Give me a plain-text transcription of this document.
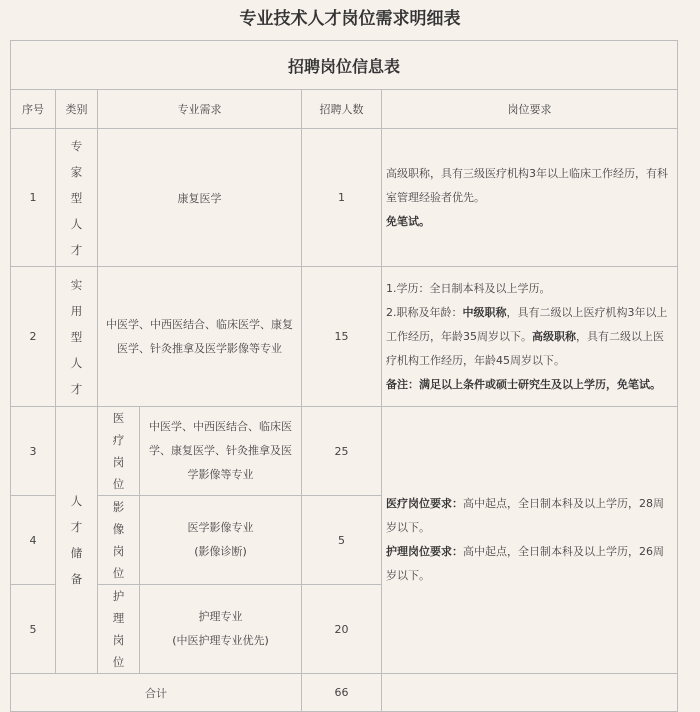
专业技术人才岗位需求明细表
招聘岗位信息表					
序号	类别	专业需求		招聘人数	岗位要求
1	专家型人才	康复医学		1	高级职称，具有三级医疗机构3年以上临床工作经历，有科室管理经验者优先。

免笔试。

2	实用型人才	中医学、中西医结合、临床医学、康复医学、针灸推拿及医学影像等专业		15	1.学历：全日制本科及以上学历。

2.职称及年龄：中级职称，具有二级以上医疗机构3年以上工作经历，年龄35周岁以下。高级职称，具有二级以上医疗机构工作经历，年龄45周岁以下。

备注：满足以上条件或硕士研究生及以上学历，免笔试。

3	人才储备	医疗岗位	中医学、中西医结合、临床医学、康复医学、针灸推拿及医学影像等专业	25	医疗岗位要求：高中起点，全日制本科及以上学历，28周岁以下。

护理岗位要求：高中起点，全日制本科及以上学历，26周岁以下。

4		影像岗位	医学影像专业
(影像诊断)	5	
5		护理岗位	护理专业
(中医护理专业优先)	20	
合计				66	
